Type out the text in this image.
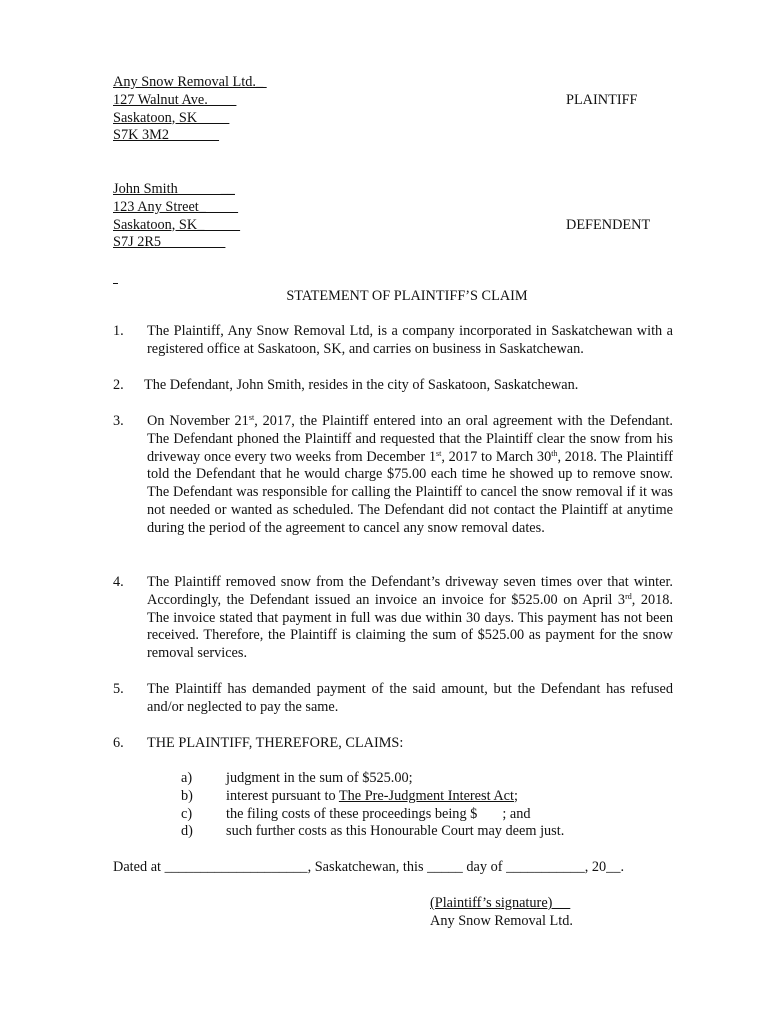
Any Snow Removal Ltd._
127 Walnut Ave.
Saskatoon, SK
S7K 3M2
PLAINTIFF
John Smith            __
123 Any Street_
Saskatoon, SK_
S7J 2R5
DEFENDENT
STATEMENT OF PLAINTIFF’S CLAIM
1. The Plaintiff, Any Snow Removal Ltd, is a company incorporated in Saskatchewan with a registered office at Saskatoon, SK, and carries on business in Saskatchewan.
2. The Defendant, John Smith, resides in the city of Saskatoon, Saskatchewan.
3. On November 21st, 2017, the Plaintiff entered into an oral agreement with the Defendant. The Defendant phoned the Plaintiff and requested that the Plaintiff clear the snow from his driveway once every two weeks from December 1st, 2017 to March 30th, 2018. The Plaintiff told the Defendant that he would charge $75.00 each time he showed up to remove snow. The Defendant was responsible for calling the Plaintiff to cancel the snow removal if it was not needed or wanted as scheduled. The Defendant did not contact the Plaintiff at anytime during the period of the agreement to cancel any snow removal dates.
4. The Plaintiff removed snow from the Defendant’s driveway seven times over that winter. Accordingly, the Defendant issued an invoice an invoice for $525.00 on April 3rd, 2018. The invoice stated that payment in full was due within 30 days. This payment has not been received. Therefore, the Plaintiff is claiming the sum of $525.00 as payment for the snow removal services.
5. The Plaintiff has demanded payment of the said amount, but the Defendant has refused and/or neglected to pay the same.
6. THE PLAINTIFF, THEREFORE, CLAIMS:
a) judgment in the sum of $525.00;
b) interest pursuant to The Pre-Judgment Interest Act;
c) the filing costs of these proceedings being $       ; and
d) such further costs as this Honourable Court may deem just.
Dated at ____________________, Saskatchewan, this _____ day of ___________, 20__.
(Plaintiff’s signature)
Any Snow Removal Ltd.
